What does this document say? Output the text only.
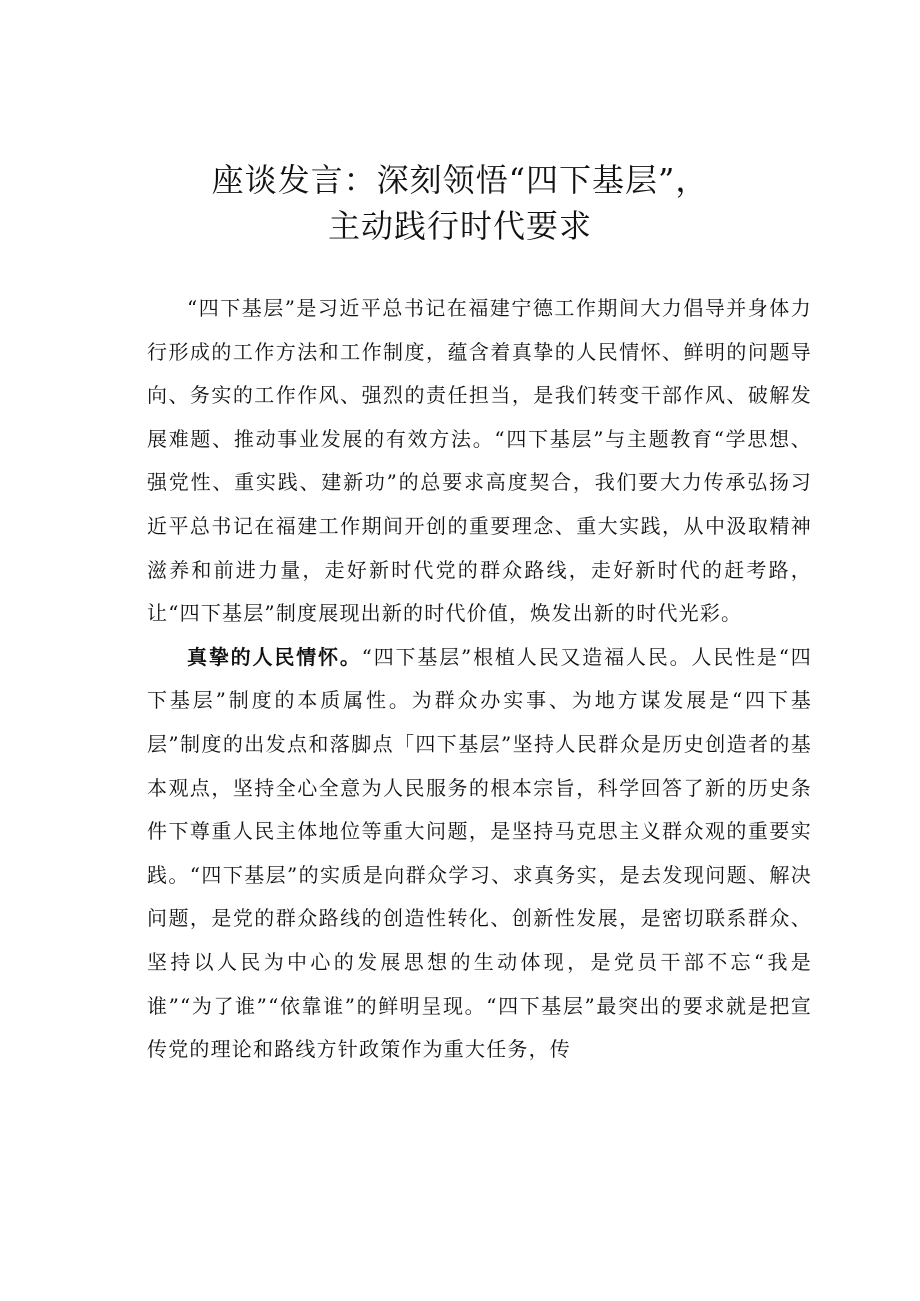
座谈发言：深刻领悟“四下基层”，
主动践行时代要求

“四下基层”是习近平总书记在福建宁德工作期间大力倡导并身体力行形成的工作方法和工作制度，蕴含着真挚的人民情怀、鲜明的问题导向、务实的工作作风、强烈的责任担当，是我们转变干部作风、破解发展难题、推动事业发展的有效方法。“四下基层”与主题教育“学思想、强党性、重实践、建新功”的总要求高度契合，我们要大力传承弘扬习近平总书记在福建工作期间开创的重要理念、重大实践，从中汲取精神滋养和前进力量，走好新时代党的群众路线，走好新时代的赶考路，让“四下基层”制度展现出新的时代价值，焕发出新的时代光彩。

真挚的人民情怀。“四下基层”根植人民又造福人民。人民性是“四下基层”制度的本质属性。为群众办实事、为地方谋发展是“四下基层”制度的出发点和落脚点「四下基层”坚持人民群众是历史创造者的基本观点，坚持全心全意为人民服务的根本宗旨，科学回答了新的历史条件下尊重人民主体地位等重大问题，是坚持马克思主义群众观的重要实践。“四下基层”的实质是向群众学习、求真务实，是去发现问题、解决问题，是党的群众路线的创造性转化、创新性发展，是密切联系群众、坚持以人民为中心的发展思想的生动体现，是党员干部不忘“我是谁”“为了谁”“依靠谁”的鲜明呈现。“四下基层”最突出的要求就是把宣传党的理论和路线方针政策作为重大任务，传
